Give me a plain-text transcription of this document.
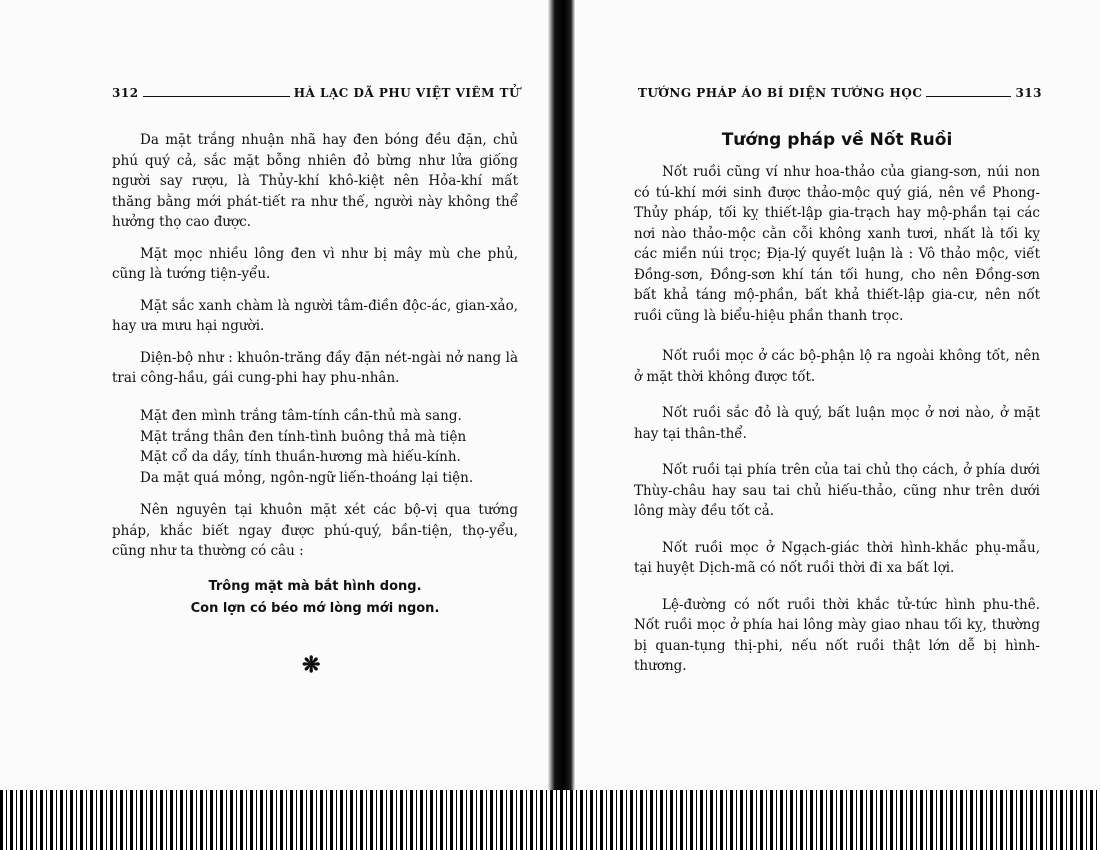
312	HÀ LẠC DÃ PHU VIỆT VIÊM TỬ

Da mặt trắng nhuận nhã hay đen bóng đều đặn, chủ phú quý cả, sắc mặt bỗng nhiên đỏ bừng như lửa giống người say rượu, là Thủy-khí khô-kiệt nên Hỏa-khí mất thăng bằng mới phát-tiết ra như thế, người này không thể hưởng thọ cao được.

Mặt mọc nhiều lông đen vì như bị mây mù che phủ, cũng là tướng tiện-yểu.

Mặt sắc xanh chàm là người tâm-điền độc-ác, gian-xảo, hay ưa mưu hại người.

Diện-bộ như : khuôn-trăng đầy đặn nét-ngài nở nang là trai công-hầu, gái cung-phi hay phu-nhân.

Mặt đen mình trắng tâm-tính cần-thủ mà sang.
Mặt trắng thân đen tính-tình buông thả mà tiện
Mặt cổ da dầy, tính thuần-hương mà hiếu-kính.
Da mặt quá mỏng, ngôn-ngữ liến-thoáng lại tiện.

Nên nguyên tại khuôn mặt xét các bộ-vị qua tướng pháp, khắc biết ngay được phú-quý, bần-tiện, thọ-yểu, cũng như ta thường có câu :

Trông mặt mà bắt hình dong.
Con lợn có béo mớ lòng mới ngon.
❋
TƯỚNG PHÁP ÁO BÍ DIỆN TƯỚNG HỌC	313
Tướng pháp về Nốt Ruồi

Nốt ruồi cũng ví như hoa-thảo của giang-sơn, núi non có tú-khí mới sinh được thảo-mộc quý giá, nên về Phong-Thủy pháp, tối kỵ thiết-lập gia-trạch hay mộ-phần tại các nơi nào thảo-mộc cằn cỗi không xanh tươi, nhất là tối kỵ các miền núi trọc; Địa-lý quyết luận là : Vô thảo mộc, viết Đồng-sơn, Đồng-sơn khí tán tối hung, cho nên Đồng-sơn bất khả táng mộ-phần, bất khả thiết-lập gia-cư, nên nốt ruồi cũng là biểu-hiệu phần thanh trọc.

Nốt ruồi mọc ở các bộ-phận lộ ra ngoài không tốt, nên ở mặt thời không được tốt.

Nốt ruồi sắc đỏ là quý, bất luận mọc ở nơi nào, ở mặt hay tại thân-thể.

Nốt ruồi tại phía trên của tai chủ thọ cách, ở phía dưới Thùy-châu hay sau tai chủ hiếu-thảo, cũng như trên dưới lông mày đều tốt cả.

Nốt ruồi mọc ở Ngạch-giác thời hình-khắc phụ-mẫu, tại huyệt Dịch-mã có nốt ruồi thời đi xa bất lợi.

Lệ-đường có nốt ruồi thời khắc tử-tức hình phu-thê. Nốt ruồi mọc ở phía hai lông mày giao nhau tối kỵ, thường bị quan-tụng thị-phi, nếu nốt ruồi thật lớn dễ bị hình-thương.
